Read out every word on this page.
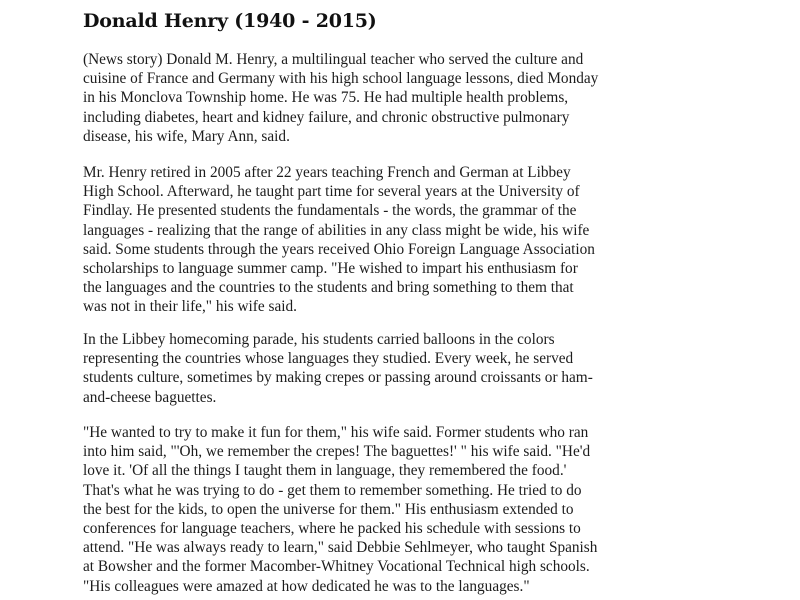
Donald Henry (1940 - 2015)
(News story) Donald M. Henry, a multilingual teacher who served the culture and
cuisine of France and Germany with his high school language lessons, died Monday
in his Monclova Township home. He was 75. He had multiple health problems,
including diabetes, heart and kidney failure, and chronic obstructive pulmonary
disease, his wife, Mary Ann, said.
Mr. Henry retired in 2005 after 22 years teaching French and German at Libbey
High School. Afterward, he taught part time for several years at the University of
Findlay. He presented students the fundamentals - the words, the grammar of the
languages - realizing that the range of abilities in any class might be wide, his wife
said. Some students through the years received Ohio Foreign Language Association
scholarships to language summer camp. "He wished to impart his enthusiasm for
the languages and the countries to the students and bring something to them that
was not in their life," his wife said.
In the Libbey homecoming parade, his students carried balloons in the colors
representing the countries whose languages they studied. Every week, he served
students culture, sometimes by making crepes or passing around croissants or ham-
and-cheese baguettes.
"He wanted to try to make it fun for them," his wife said. Former students who ran
into him said, "'Oh, we remember the crepes! The baguettes!' " his wife said. "He'd
love it. 'Of all the things I taught them in language, they remembered the food.'
That's what he was trying to do - get them to remember something. He tried to do
the best for the kids, to open the universe for them." His enthusiasm extended to
conferences for language teachers, where he packed his schedule with sessions to
attend. "He was always ready to learn," said Debbie Sehlmeyer, who taught Spanish
at Bowsher and the former Macomber-Whitney Vocational Technical high schools.
"His colleagues were amazed at how dedicated he was to the languages."
